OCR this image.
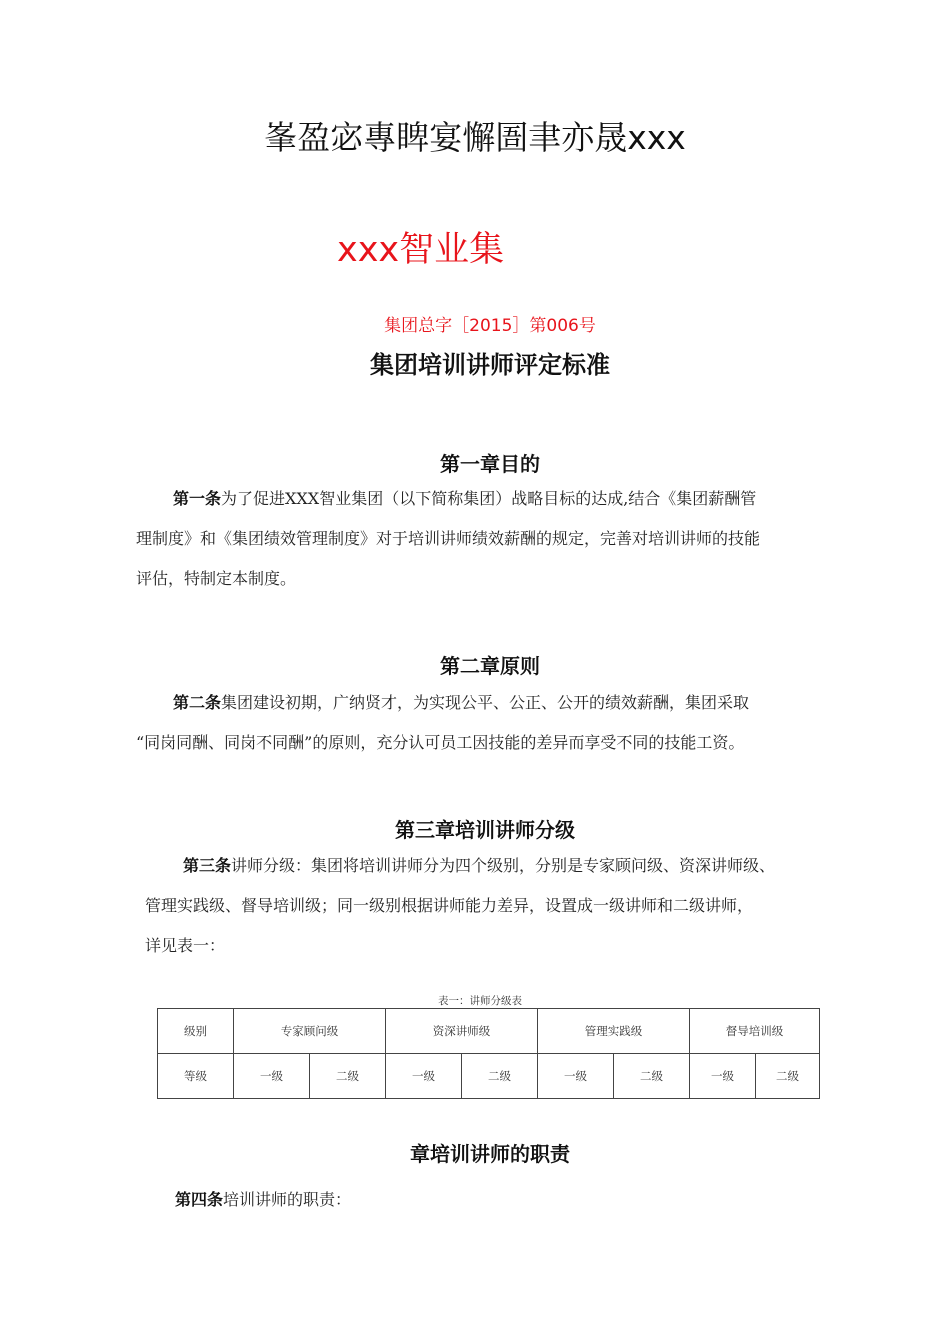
峯盈宓專睥宴懈圄聿亦晟xxx
xxx智业集
集团总字［2015］第006号
集团培训讲师评定标准
第一章目的
第一条为了促进XXX智业集团（以下简称集团）战略目标的达成,结合《集团薪酬管
理制度》和《集团绩效管理制度》对于培训讲师绩效薪酬的规定，完善对培训讲师的技能
评估，特制定本制度。
第二章原则
第二条集团建设初期，广纳贤才，为实现公平、公正、公开的绩效薪酬，集团采取
“同岗同酬、同岗不同酬”的原则，充分认可员工因技能的差异而享受不同的技能工资。
第三章培训讲师分级
第三条讲师分级：集团将培训讲师分为四个级别，分别是专家顾问级、资深讲师级、
管理实践级、督导培训级；同一级别根据讲师能力差异，设置成一级讲师和二级讲师，
详见表一：
表一：讲师分级表
级别	专家顾问级		资深讲师级		管理实践级		督导培训级	
等级	一级	二级	一级	二级	一级	二级	一级	二级
章培训讲师的职责
第四条培训讲师的职责：
